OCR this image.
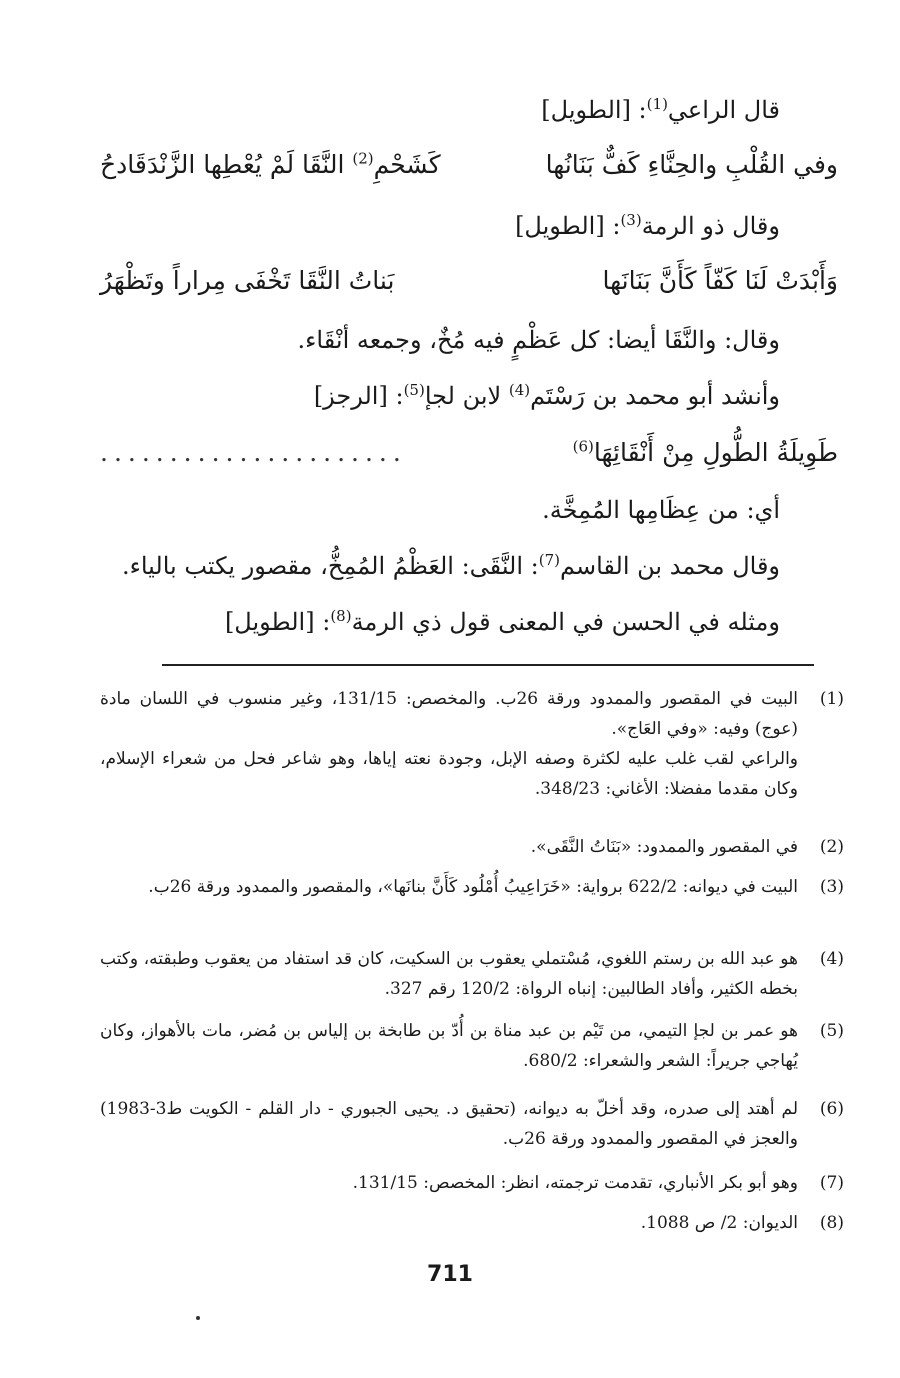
قال الراعي$^{(1)}$: [الطويل]
وفي القُلْبِ والحِنَّاءِ كَفٌّ بَنَانُها
كَشَحْمِ$^{(2)}$ النَّقَا لَمْ يُعْطِها الزَّنْدَقَادحُ
وقال ذو الرمة$^{(3)}$: [الطويل]
وَأَبْدَتْ لَنَا كَفّاً كَأَنَّ بَنَانَها
بَناتُ النَّقَا تَخْفَى مِراراً وتَظْهَرُ
وقال: والنَّقَا أيضا: كل عَظْمٍ فيه مُخٌ، وجمعه أنْقَاء.
وأنشد أبو محمد بن رَسْتَم$^{(4)}$ لابن لجإ$^{(5)}$: [الرجز]
طَوِيلَةُ الطُّولِ مِنْ أَنْقَائِهَا$^{(6)}$
......................
أي: من عِظَامِها المُمِخَّة.
وقال محمد بن القاسم$^{(7)}$: النَّقَى: العَظْمُ المُمِخُّ، مقصور يكتب بالياء.
ومثله في الحسن في المعنى قول ذي الرمة$^{(8)}$: [الطويل]
(1)
البيت في المقصور والممدود ورقة 26ب. والمخصص: 131/15، وغير منسوب في اللسان مادة (عوج) وفيه: «وفي العَاج».
والراعي لقب غلب عليه لكثرة وصفه الإبل، وجودة نعته إياها، وهو شاعر فحل من شعراء الإسلام، وكان مقدما مفضلا: الأغاني: 348/23.
(2)
في المقصور والممدود: «بَنَاتُ النَّقَى».
(3)
البيت في ديوانه: 622/2 برواية: «خَرَاعِيبُ أُمْلُود كَأَنَّ بنانَها»، والمقصور والممدود ورقة 26ب.
(4)
هو عبد الله بن رستم اللغوي، مُسْتملي يعقوب بن السكيت، كان قد استفاد من يعقوب وطبقته، وكتب بخطه الكثير، وأفاد الطالبين: إنباه الرواة: 120/2 رقم 327.
(5)
هو عمر بن لجإ التيمي، من تَيْم بن عبد مناة بن أُدّ بن طابخة بن إلياس بن مُضر، مات بالأهواز، وكان يُهاجي جريراً: الشعر والشعراء: 680/2.
(6)
لم أهتد إلى صدره، وقد أخلّ به ديوانه، (تحقيق د. يحيى الجبوري - دار القلم - الكويت ط3-1983) والعجز في المقصور والممدود ورقة 26ب.
(7)
وهو أبو بكر الأنباري، تقدمت ترجمته، انظر: المخصص: 131/15.
(8)
الديوان: 2/ ص 1088.
711
